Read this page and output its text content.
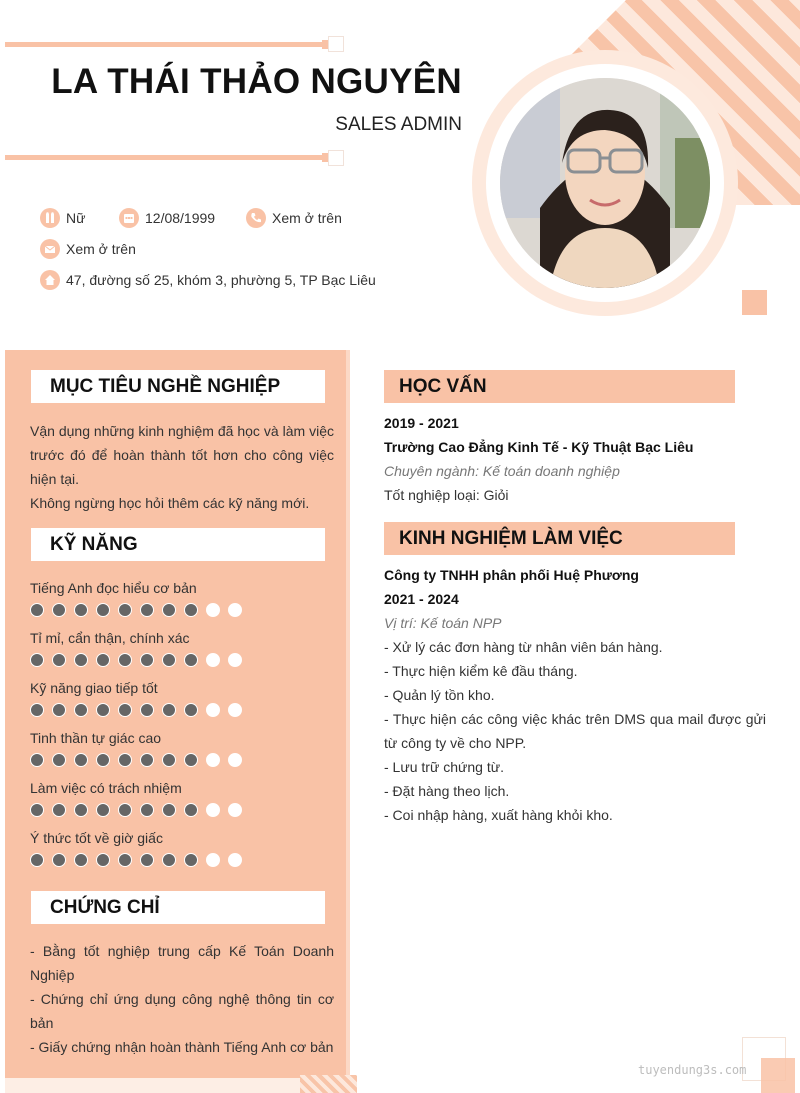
LA THÁI THẢO NGUYÊN
SALES ADMIN
Nữ	12/08/1999	Xem ở trên
Xem ở trên
47, đường số 25, khóm 3, phường 5, TP Bạc Liêu
MỤC TIÊU NGHỀ NGHIỆP
Vận dụng những kinh nghiệm đã học và làm việc trước đó để hoàn thành tốt hơn cho công việc hiện tại.
Không ngừng học hỏi thêm các kỹ năng mới.
KỸ NĂNG
Tiếng Anh đọc hiểu cơ bản
Tỉ mỉ, cẩn thận, chính xác
Kỹ năng giao tiếp tốt
Tinh thần tự giác cao
Làm việc có trách nhiệm
Ý thức tốt về giờ giấc
CHỨNG CHỈ
- Bằng tốt nghiệp trung cấp Kế Toán Doanh Nghiệp
- Chứng chỉ ứng dụng công nghệ thông tin cơ bản
- Giấy chứng nhận hoàn thành Tiếng Anh cơ bản
HỌC VẤN
2019 - 2021
Trường Cao Đẳng Kinh Tế - Kỹ Thuật Bạc Liêu
Chuyên ngành: Kế toán doanh nghiệp
Tốt nghiệp loại: Giỏi
KINH NGHIỆM LÀM VIỆC
Công ty TNHH phân phối Huệ Phương
2021 - 2024
Vị trí: Kế toán NPP
- Xử lý các đơn hàng từ nhân viên bán hàng.
- Thực hiện kiểm kê đầu tháng.
- Quản lý tồn kho.
- Thực hiện các công việc khác trên DMS qua mail được gửi từ công ty về cho NPP.
- Lưu trữ chứng từ.
- Đặt hàng theo lịch.
- Coi nhập hàng, xuất hàng khỏi kho.
tuyendung3s.com
